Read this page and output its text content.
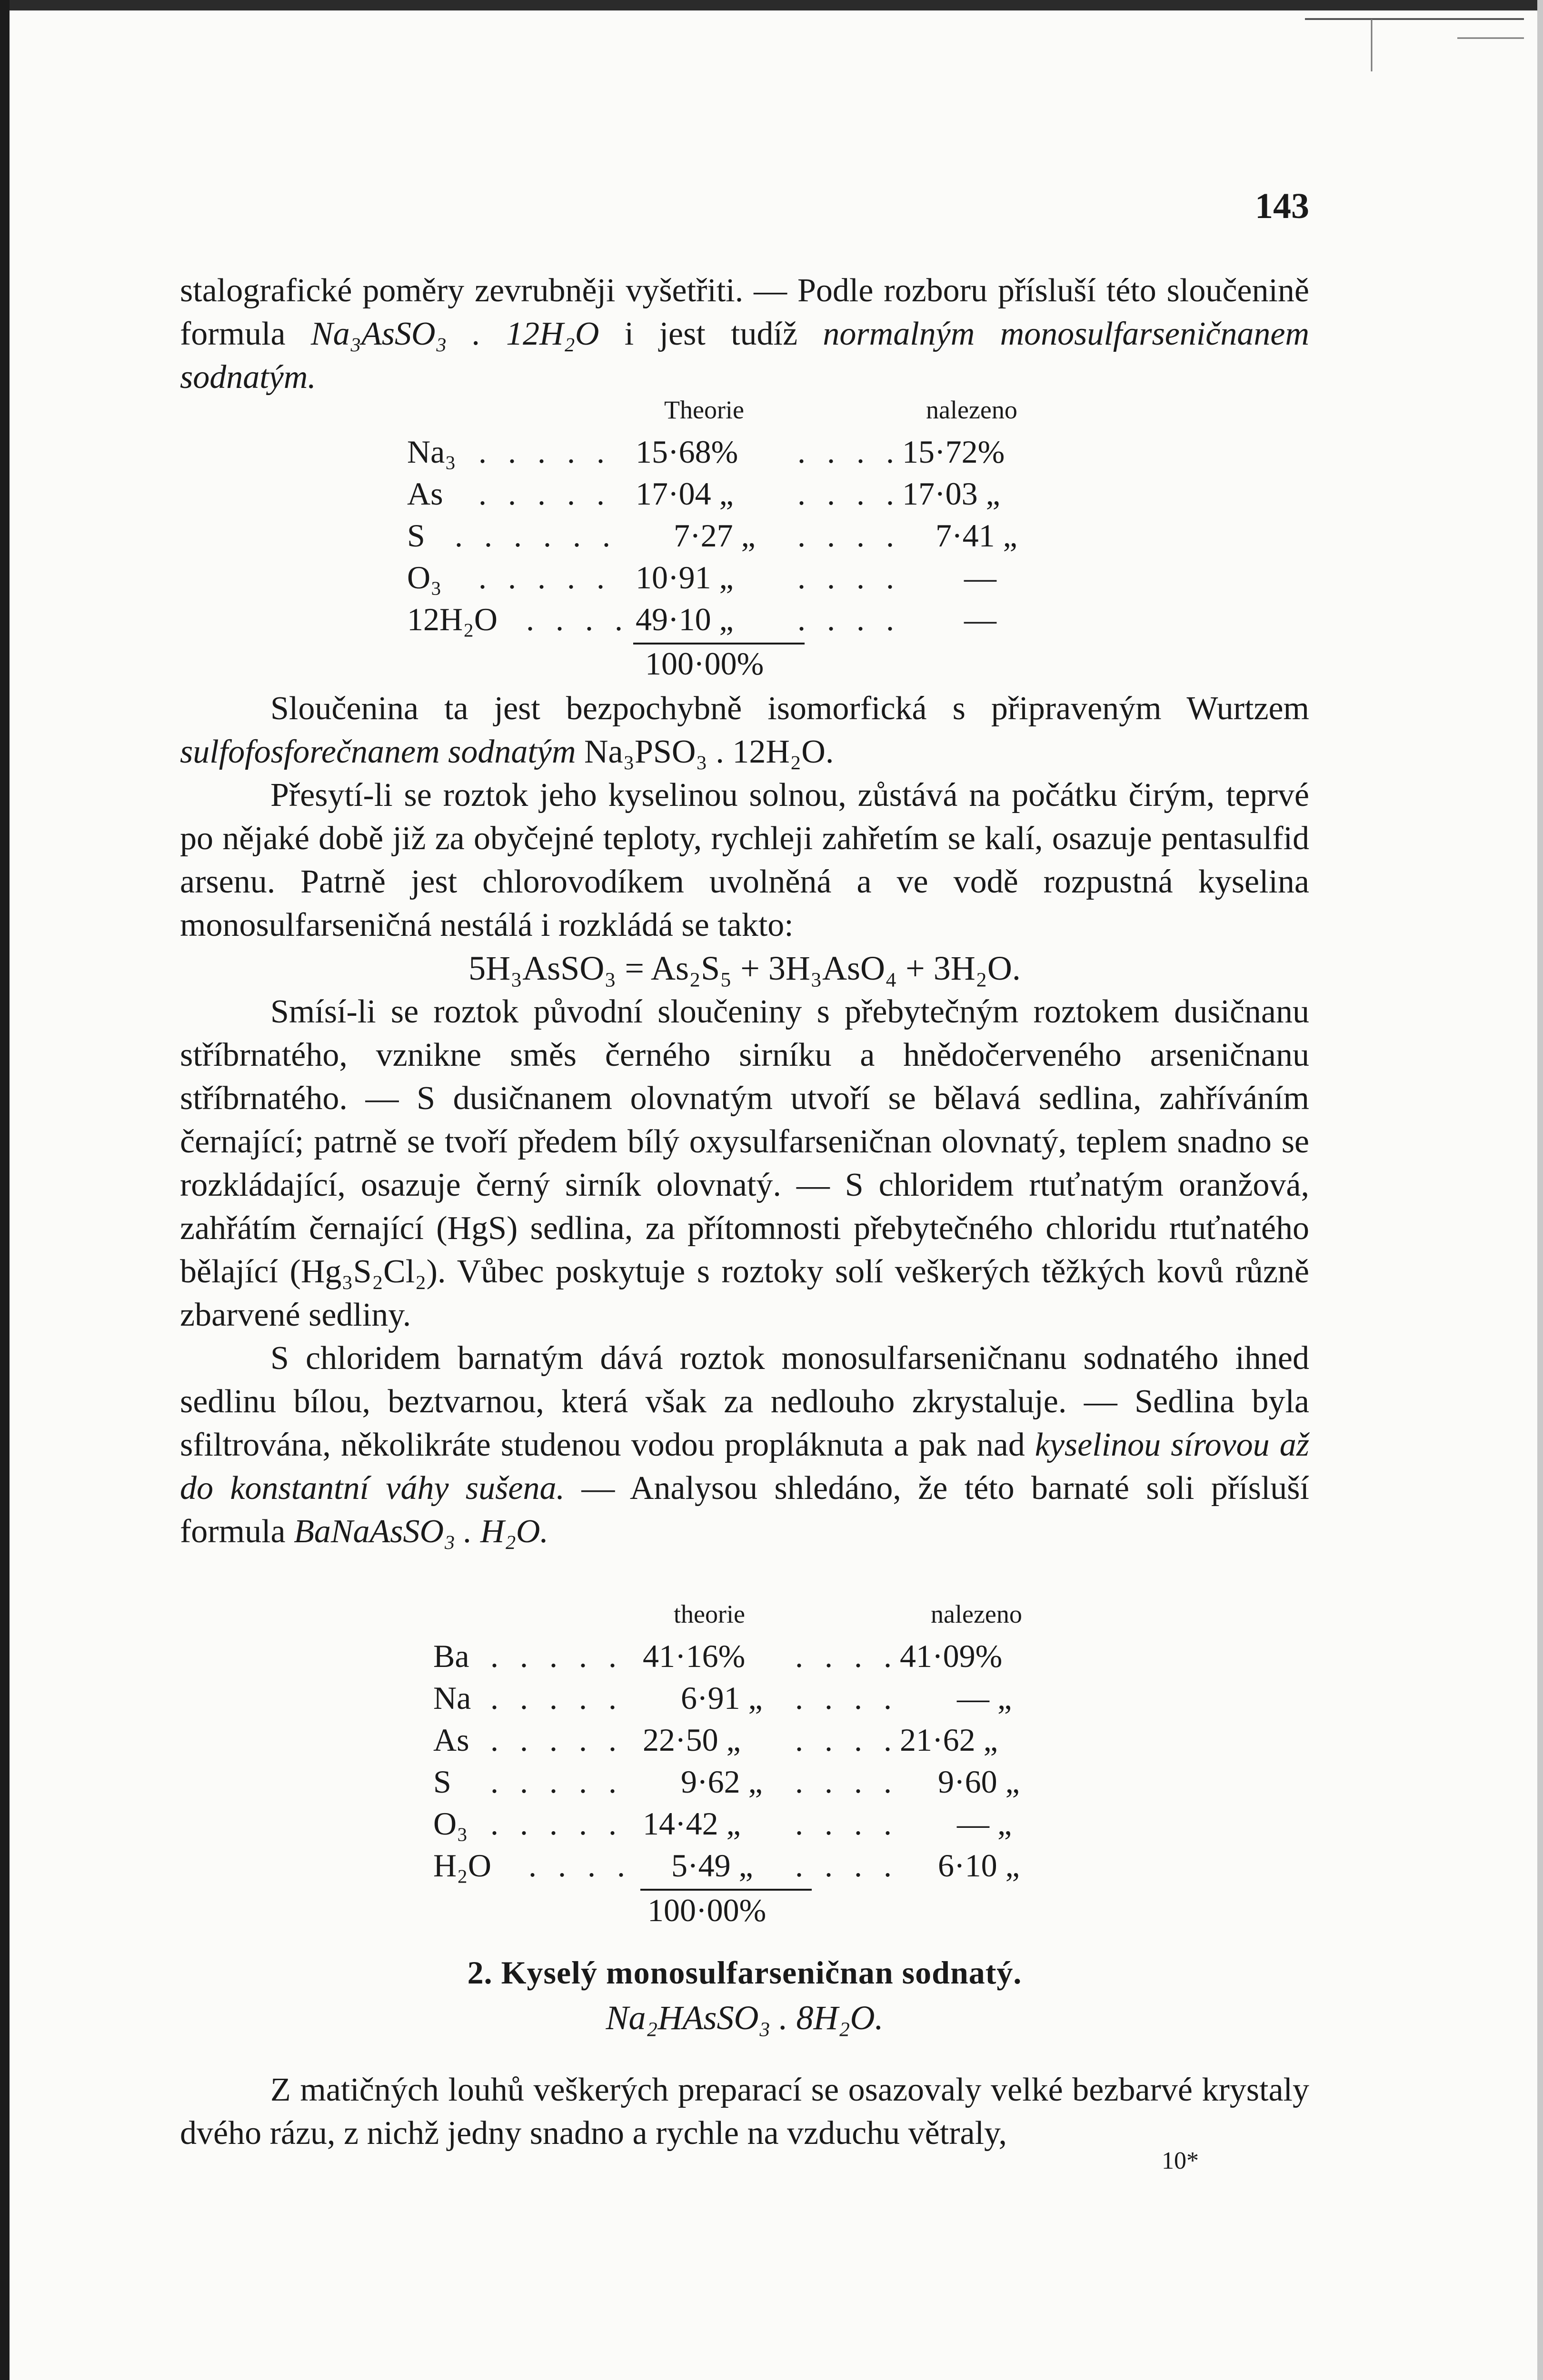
143

stalografické poměry zevrubněji vyšetřiti. — Podle rozboru přísluší této sloučenině formula Na₃AsSO₃ . 12H₂O i jest tudíž normalným monosulfarseničnanem sodnatým.

Theorie	nalezeno

Na₃

. . . . .

15·68%

. . . .

15·72%

As

. . . . .

17·04 „

. . . .

17·03 „

S

. . . . . .

7·27 „

. . . .

7·41 „

O₃

. . . . .

10·91 „

. . . .

—

12H₂O

. . . .

49·10 „

. . . .

—

100·00%

Sloučenina ta jest bezpochybně isomorfická s připraveným Wurtzem sulfofosforečnanem sodnatým Na₃PSO₃ . 12H₂O.

Přesytí-li se roztok jeho kyselinou solnou, zůstává na počátku čirým, teprvé po nějaké době již za obyčejné teploty, rychleji zahřetím se kalí, osazuje pentasulfid arsenu. Patrně jest chlorovodíkem uvolněná a ve vodě rozpustná kyselina monosulfarseničná nestálá i rozkládá se takto:

5H₃AsSO₃ = As₂S₅ + 3H₃AsO₄ + 3H₂O.

Smísí-li se roztok původní sloučeniny s přebytečným roztokem dusičnanu stříbrnatého, vznikne směs černého sirníku a hnědočerveného arseničnanu stříbrnatého. — S dusičnanem olovnatým utvoří se bělavá sedlina, zahříváním černající; patrně se tvoří předem bílý oxysulfarseničnan olovnatý, teplem snadno se rozkládající, osazuje černý sirník olovnatý. — S chloridem rtuťnatým oranžová, zahřátím černající (HgS) sedlina, za přítomnosti přebytečného chloridu rtuťnatého bělající (Hg₃S₂Cl₂). Vůbec poskytuje s roztoky solí veškerých těžkých kovů různě zbarvené sedliny.

S chloridem barnatým dává roztok monosulfarseničnanu sodnatého ihned sedlinu bílou, beztvarnou, která však za nedlouho zkrystaluje. — Sedlina byla sfiltrována, několikráte studenou vodou propláknuta a pak nad kyselinou sírovou až do konstantní váhy sušena. — Analysou shledáno, že této barnaté soli přísluší formula BaNaAsSO₃ . H₂O.

theorie	nalezeno

Ba

. . . . .

41·16%

. . . .

41·09%

Na

. . . . .

6·91 „

. . . .

— „

As

. . . . .

22·50 „

. . . .

21·62 „

S

. . . . .

9·62 „

. . . .

9·60 „

O₃

. . . . .

14·42 „

. . . .

— „

H₂O

. . . .

5·49 „

. . . .

6·10 „

100·00%

2. Kyselý monosulfarseničnan sodnatý.

Na₂HAsSO₃ . 8H₂O.

Z matičných louhů veškerých preparací se osazovaly velké bezbarvé krystaly dvého rázu, z nichž jedny snadno a rychle na vzduchu větraly,

10*
